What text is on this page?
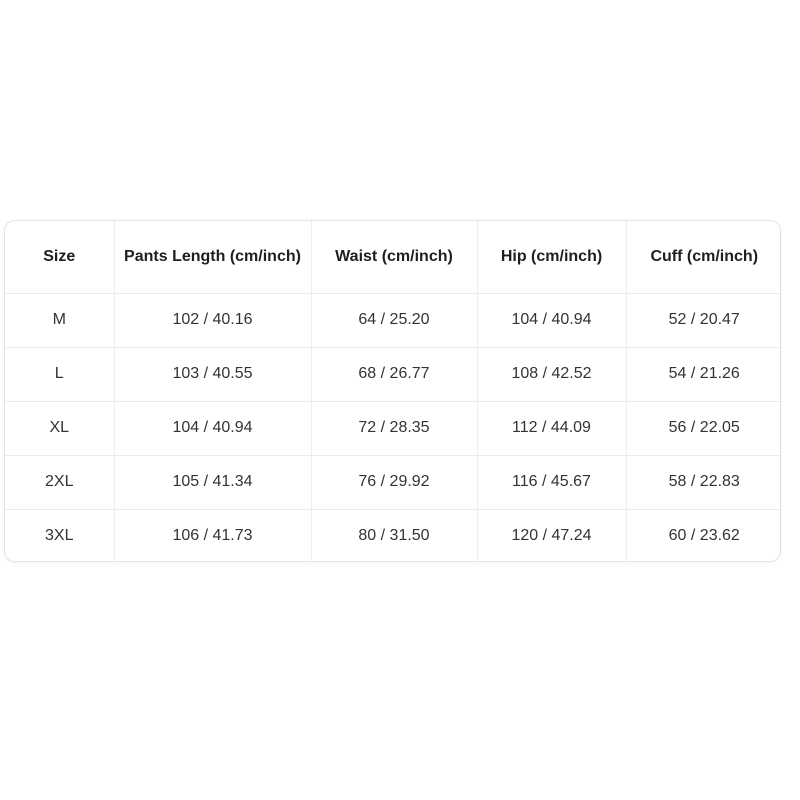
Size	Pants Length (cm/inch)	Waist (cm/inch)	Hip (cm/inch)	Cuff (cm/inch)
M	102 / 40.16	64 / 25.20	104 / 40.94	52 / 20.47
L	103 / 40.55	68 / 26.77	108 / 42.52	54 / 21.26
XL	104 / 40.94	72 / 28.35	112 / 44.09	56 / 22.05
2XL	105 / 41.34	76 / 29.92	116 / 45.67	58 / 22.83
3XL	106 / 41.73	80 / 31.50	120 / 47.24	60 / 23.62
